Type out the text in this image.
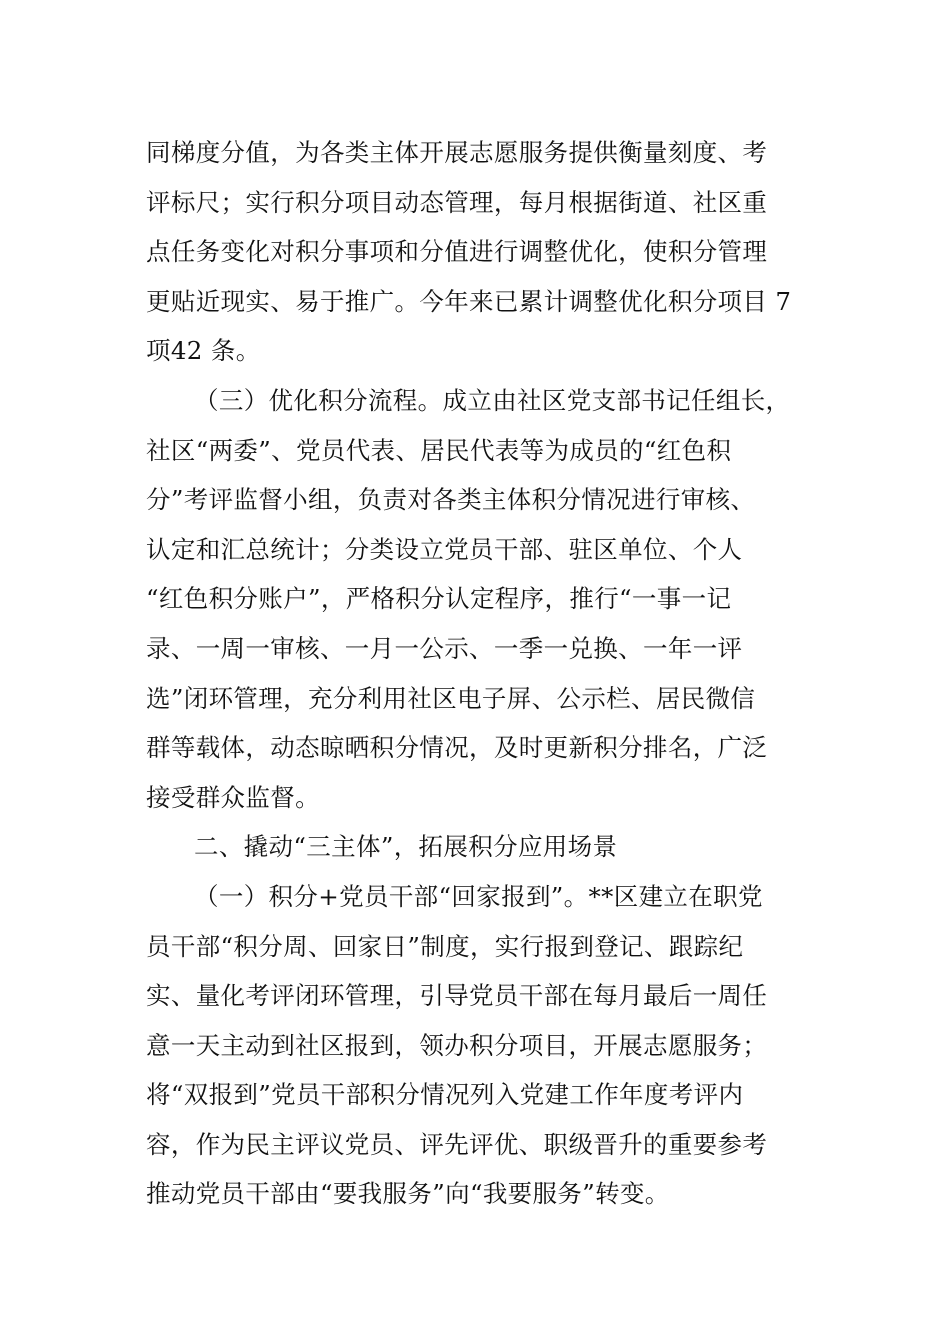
同梯度分值，为各类主体开展志愿服务提供衡量刻度、考
评标尺；实行积分项目动态管理，每月根据街道、社区重
点任务变化对积分事项和分值进行调整优化，使积分管理
更贴近现实、易于推广。今年来已累计调整优化积分项目 7
项42 条。
（三）优化积分流程。成立由社区党支部书记任组长，
社区“两委”、党员代表、居民代表等为成员的“红色积
分”考评监督小组，负责对各类主体积分情况进行审核、
认定和汇总统计；分类设立党员干部、驻区单位、个人
“红色积分账户”，严格积分认定程序，推行“一事一记
录、一周一审核、一月一公示、一季一兑换、一年一评
选”闭环管理，充分利用社区电子屏、公示栏、居民微信
群等载体，动态晾晒积分情况，及时更新积分排名，广泛
接受群众监督。
二、撬动“三主体”，拓展积分应用场景
（一）积分+党员干部“回家报到”。**区建立在职党
员干部“积分周、回家日”制度，实行报到登记、跟踪纪
实、量化考评闭环管理，引导党员干部在每月最后一周任
意一天主动到社区报到，领办积分项目，开展志愿服务；
将“双报到”党员干部积分情况列入党建工作年度考评内
容，作为民主评议党员、评先评优、职级晋升的重要参考
推动党员干部由“要我服务”向“我要服务”转变。
